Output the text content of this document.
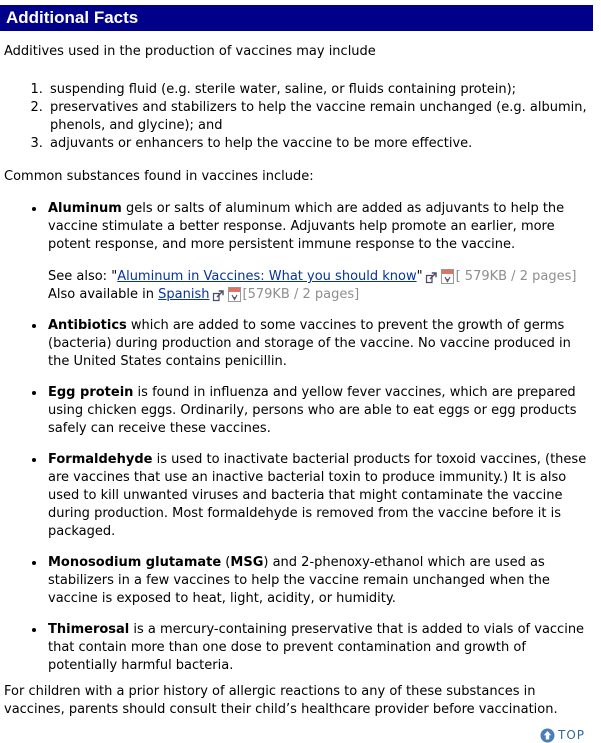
Additional Facts

Additives used in the production of vaccines may include

1. suspending fluid (e.g. sterile water, saline, or fluids containing protein);
2. preservatives and stabilizers to help the vaccine remain unchanged (e.g. albumin, phenols, and glycine); and
3. adjuvants or enhancers to help the vaccine to be more effective.

Common substances found in vaccines include:

• Aluminum gels or salts of aluminum which are added as adjuvants to help the vaccine stimulate a better response. Adjuvants help promote an earlier, more potent response, and more persistent immune response to the vaccine.

See also: "Aluminum in Vaccines: What you should know"	[ 579KB / 2 pages]
Also available in Spanish	[579KB / 2 pages]

• Antibiotics which are added to some vaccines to prevent the growth of germs (bacteria) during production and storage of the vaccine. No vaccine produced in the United States contains penicillin.

• Egg protein is found in influenza and yellow fever vaccines, which are prepared using chicken eggs. Ordinarily, persons who are able to eat eggs or egg products safely can receive these vaccines.

• Formaldehyde is used to inactivate bacterial products for toxoid vaccines, (these are vaccines that use an inactive bacterial toxin to produce immunity.) It is also used to kill unwanted viruses and bacteria that might contaminate the vaccine during production. Most formaldehyde is removed from the vaccine before it is packaged.

• Monosodium glutamate (MSG) and 2-phenoxy-ethanol which are used as stabilizers in a few vaccines to help the vaccine remain unchanged when the vaccine is exposed to heat, light, acidity, or humidity.

• Thimerosal is a mercury-containing preservative that is added to vials of vaccine that contain more than one dose to prevent contamination and growth of potentially harmful bacteria.

For children with a prior history of allergic reactions to any of these substances in vaccines, parents should consult their child’s healthcare provider before vaccination.

TOP
